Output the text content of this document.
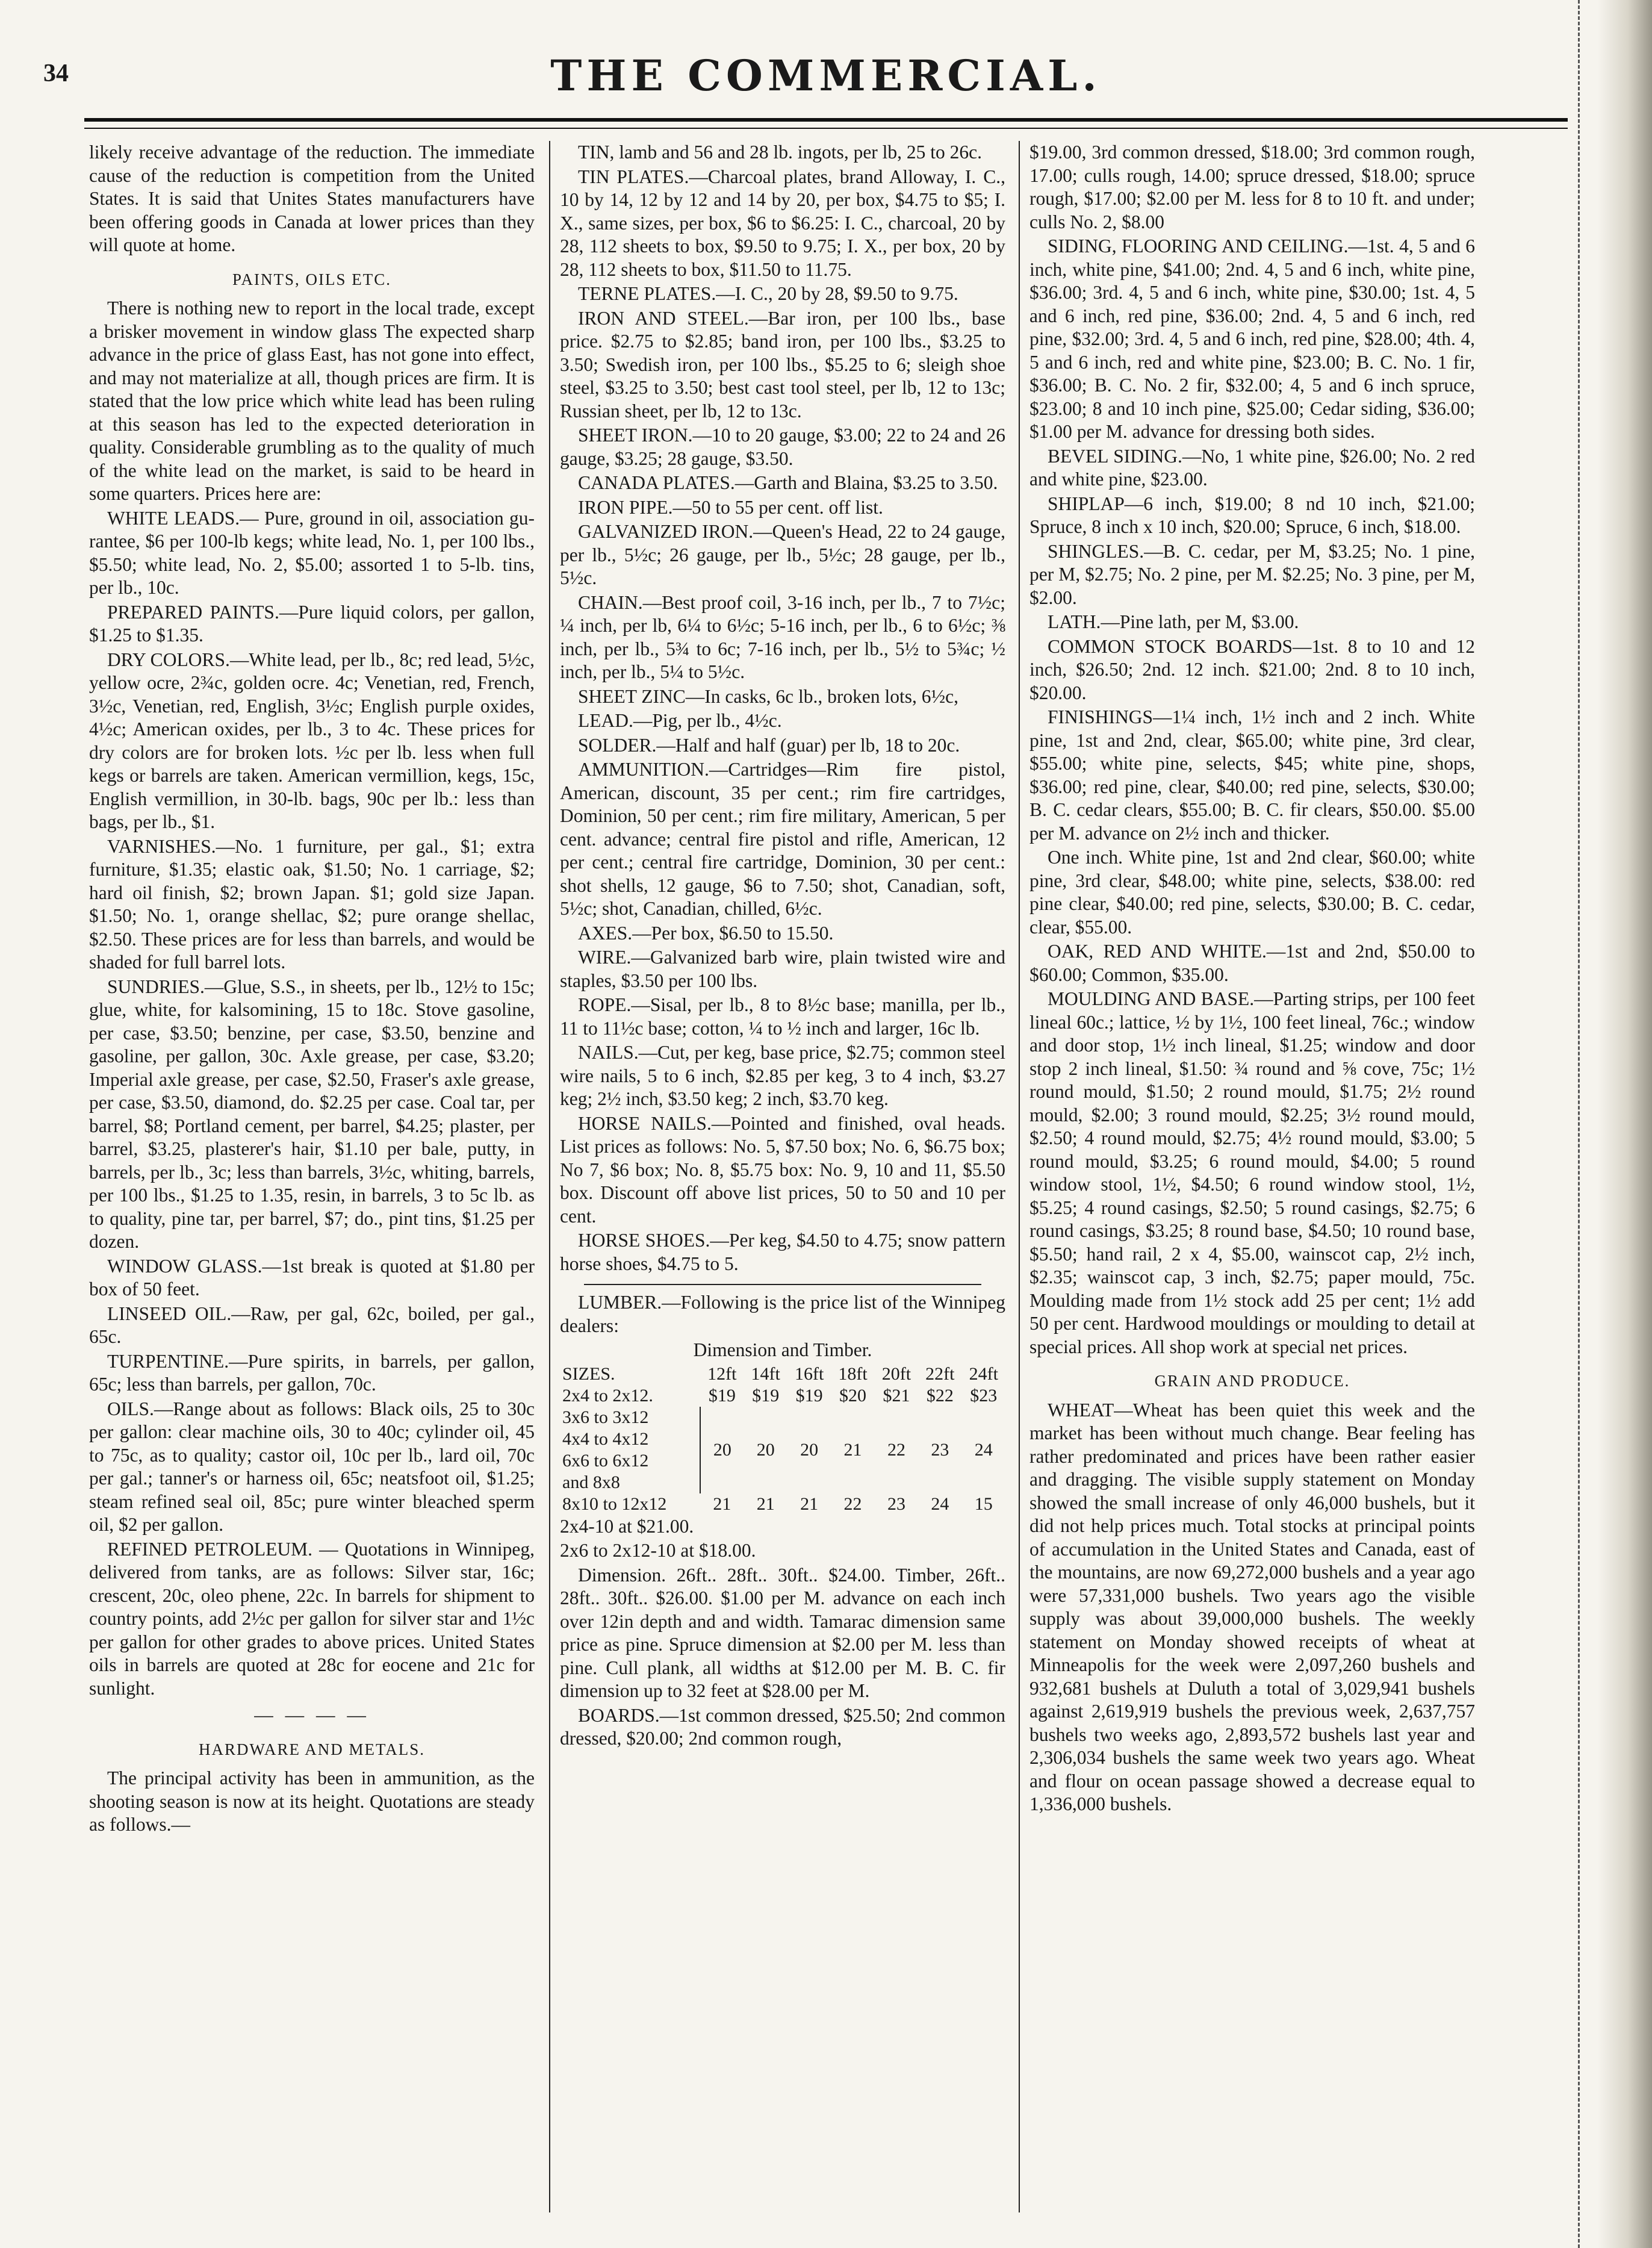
34	THE COMMERCIAL.

likely receive advantage of the reduction. The immediate cause of the reduction is competition from the United States. It is said that Unites States manufacturers have been offering goods in Canada at lower prices than they will quote at home.

PAINTS, OILS ETC.

There is nothing new to report in the local trade, except a brisker movement in window glass The expected sharp advance in the price of glass East, has not gone into effect, and may not materialize at all, though prices are firm. It is stated that the low price which white lead has been ruling at this season has led to the expected deterioration in quality. Considerable grumbling as to the quality of much of the white lead on the market, is said to be heard in some quarters. Prices here are:

WHITE LEADS.— Pure, ground in oil, association gu-rantee, $6 per 100-lb kegs; white lead, No. 1, per 100 lbs., $5.50; white lead, No. 2, $5.00; assorted 1 to 5-lb. tins, per lb., 10c.

PREPARED PAINTS.—Pure liquid colors, per gallon, $1.25 to $1.35.

DRY COLORS.—White lead, per lb., 8c; red lead, 5½c, yellow ocre, 2¾c, golden ocre. 4c; Venetian, red, French, 3½c, Venetian, red, English, 3½c; English purple oxides, 4½c; American oxides, per lb., 3 to 4c. These prices for dry colors are for broken lots. ½c per lb. less when full kegs or barrels are taken. American vermillion, kegs, 15c, English vermillion, in 30-lb. bags, 90c per lb.: less than bags, per lb., $1.

VARNISHES.—No. 1 furniture, per gal., $1; extra furniture, $1.35; elastic oak, $1.50; No. 1 carriage, $2; hard oil finish, $2; brown Japan. $1; gold size Japan. $1.50; No. 1, orange shellac, $2; pure orange shellac, $2.50. These prices are for less than barrels, and would be shaded for full barrel lots.

SUNDRIES.—Glue, S.S., in sheets, per lb., 12½ to 15c; glue, white, for kalsomining, 15 to 18c. Stove gasoline, per case, $3.50; benzine, per case, $3.50, benzine and gasoline, per gallon, 30c. Axle grease, per case, $3.20; Imperial axle grease, per case, $2.50, Fraser's axle grease, per case, $3.50, diamond, do. $2.25 per case. Coal tar, per barrel, $8; Portland cement, per barrel, $4.25; plaster, per barrel, $3.25, plasterer's hair, $1.10 per bale, putty, in barrels, per lb., 3c; less than barrels, 3½c, whiting, barrels, per 100 lbs., $1.25 to 1.35, resin, in barrels, 3 to 5c lb. as to quality, pine tar, per barrel, $7; do., pint tins, $1.25 per dozen.

WINDOW GLASS.—1st break is quoted at $1.80 per box of 50 feet.

LINSEED OIL.—Raw, per gal, 62c, boiled, per gal., 65c.

TURPENTINE.—Pure spirits, in barrels, per gallon, 65c; less than barrels, per gallon, 70c.

OILS.—Range about as follows: Black oils, 25 to 30c per gallon: clear machine oils, 30 to 40c; cylinder oil, 45 to 75c, as to quality; castor oil, 10c per lb., lard oil, 70c per gal.; tanner's or harness oil, 65c; neatsfoot oil, $1.25; steam refined seal oil, 85c; pure winter bleached sperm oil, $2 per gallon.

REFINED PETROLEUM. — Quotations in Winnipeg, delivered from tanks, are as follows: Silver star, 16c; crescent, 20c, oleo phene, 22c. In barrels for shipment to country points, add 2½c per gallon for silver star and 1½c per gallon for other grades to above prices. United States oils in barrels are quoted at 28c for eocene and 21c for sunlight.

— — — —
HARDWARE AND METALS.

The principal activity has been in ammunition, as the shooting season is now at its height. Quotations are steady as follows.—

TIN, lamb and 56 and 28 lb. ingots, per lb, 25 to 26c.

TIN PLATES.—Charcoal plates, brand Alloway, I. C., 10 by 14, 12 by 12 and 14 by 20, per box, $4.75 to $5; I. X., same sizes, per box, $6 to $6.25: I. C., charcoal, 20 by 28, 112 sheets to box, $9.50 to 9.75; I. X., per box, 20 by 28, 112 sheets to box, $11.50 to 11.75.

TERNE PLATES.—I. C., 20 by 28, $9.50 to 9.75.

IRON AND STEEL.—Bar iron, per 100 lbs., base price. $2.75 to $2.85; band iron, per 100 lbs., $3.25 to 3.50; Swedish iron, per 100 lbs., $5.25 to 6; sleigh shoe steel, $3.25 to 3.50; best cast tool steel, per lb, 12 to 13c; Russian sheet, per lb, 12 to 13c.

SHEET IRON.—10 to 20 gauge, $3.00; 22 to 24 and 26 gauge, $3.25; 28 gauge, $3.50.

CANADA PLATES.—Garth and Blaina, $3.25 to 3.50.

IRON PIPE.—50 to 55 per cent. off list.

GALVANIZED IRON.—Queen's Head, 22 to 24 gauge, per lb., 5½c; 26 gauge, per lb., 5½c; 28 gauge, per lb., 5½c.

CHAIN.—Best proof coil, 3-16 inch, per lb., 7 to 7½c; ¼ inch, per lb, 6¼ to 6½c; 5-16 inch, per lb., 6 to 6½c; ⅜ inch, per lb., 5¾ to 6c; 7-16 inch, per lb., 5½ to 5¾c; ½ inch, per lb., 5¼ to 5½c.

SHEET ZINC—In casks, 6c lb., broken lots, 6½c,

LEAD.—Pig, per lb., 4½c.

SOLDER.—Half and half (guar) per lb, 18 to 20c.

AMMUNITION.—Cartridges—Rim fire pistol, American, discount, 35 per cent.; rim fire cartridges, Dominion, 50 per cent.; rim fire military, American, 5 per cent. advance; central fire pistol and rifle, American, 12 per cent.; central fire cartridge, Dominion, 30 per cent.: shot shells, 12 gauge, $6 to 7.50; shot, Canadian, soft, 5½c; shot, Canadian, chilled, 6½c.

AXES.—Per box, $6.50 to 15.50.

WIRE.—Galvanized barb wire, plain twisted wire and staples, $3.50 per 100 lbs.

ROPE.—Sisal, per lb., 8 to 8½c base; manilla, per lb., 11 to 11½c base; cotton, ¼ to ½ inch and larger, 16c lb.

NAILS.—Cut, per keg, base price, $2.75; common steel wire nails, 5 to 6 inch, $2.85 per keg, 3 to 4 inch, $3.27 keg; 2½ inch, $3.50 keg; 2 inch, $3.70 keg.

HORSE NAILS.—Pointed and finished, oval heads. List prices as follows: No. 5, $7.50 box; No. 6, $6.75 box; No 7, $6 box; No. 8, $5.75 box: No. 9, 10 and 11, $5.50 box. Discount off above list prices, 50 to 50 and 10 per cent.

HORSE SHOES.—Per keg, $4.50 to 4.75; snow pattern horse shoes, $4.75 to 5.

LUMBER.—Following is the price list of the Winnipeg dealers:

Dimension and Timber.

SIZES.	12ft	14ft	16ft	18ft	20ft	22ft	24ft
2x4 to 2x12.	$19	$19	$19	$20	$21	$22	$23

3x6 to 3x12
4x4 to 4x12
6x6 to 6x12
and 8x8	20	20	20	21	22	23	24
8x10 to 12x12	21	21	21	22	23	24	15

2x4-10 at $21.00.

2x6 to 2x12-10 at $18.00.

Dimension. 26ft.. 28ft.. 30ft.. $24.00. Timber, 26ft.. 28ft.. 30ft.. $26.00. $1.00 per M. advance on each inch over 12in depth and and width. Tamarac dimension same price as pine. Spruce dimension at $2.00 per M. less than pine. Cull plank, all widths at $12.00 per M. B. C. fir dimension up to 32 feet at $28.00 per M.

BOARDS.—1st common dressed, $25.50; 2nd common dressed, $20.00; 2nd common rough,

$19.00, 3rd common dressed, $18.00; 3rd common rough, 17.00; culls rough, 14.00; spruce dressed, $18.00; spruce rough, $17.00; $2.00 per M. less for 8 to 10 ft. and under; culls No. 2, $8.00

SIDING, FLOORING AND CEILING.—1st. 4, 5 and 6 inch, white pine, $41.00; 2nd. 4, 5 and 6 inch, white pine, $36.00; 3rd. 4, 5 and 6 inch, white pine, $30.00; 1st. 4, 5 and 6 inch, red pine, $36.00; 2nd. 4, 5 and 6 inch, red pine, $32.00; 3rd. 4, 5 and 6 inch, red pine, $28.00; 4th. 4, 5 and 6 inch, red and white pine, $23.00; B. C. No. 1 fir, $36.00; B. C. No. 2 fir, $32.00; 4, 5 and 6 inch spruce, $23.00; 8 and 10 inch pine, $25.00; Cedar siding, $36.00; $1.00 per M. advance for dressing both sides.

BEVEL SIDING.—No, 1 white pine, $26.00; No. 2 red and white pine, $23.00.

SHIPLAP—6 inch, $19.00; 8 nd 10 inch, $21.00; Spruce, 8 inch x 10 inch, $20.00; Spruce, 6 inch, $18.00.

SHINGLES.—B. C. cedar, per M, $3.25; No. 1 pine, per M, $2.75; No. 2 pine, per M. $2.25; No. 3 pine, per M, $2.00.

LATH.—Pine lath, per M, $3.00.

COMMON STOCK BOARDS—1st. 8 to 10 and 12 inch, $26.50; 2nd. 12 inch. $21.00; 2nd. 8 to 10 inch, $20.00.

FINISHINGS—1¼ inch, 1½ inch and 2 inch. White pine, 1st and 2nd, clear, $65.00; white pine, 3rd clear, $55.00; white pine, selects, $45; white pine, shops, $36.00; red pine, clear, $40.00; red pine, selects, $30.00; B. C. cedar clears, $55.00; B. C. fir clears, $50.00. $5.00 per M. advance on 2½ inch and thicker.

One inch. White pine, 1st and 2nd clear, $60.00; white pine, 3rd clear, $48.00; white pine, selects, $38.00: red pine clear, $40.00; red pine, selects, $30.00; B. C. cedar, clear, $55.00.

OAK, RED AND WHITE.—1st and 2nd, $50.00 to $60.00; Common, $35.00.

MOULDING AND BASE.—Parting strips, per 100 feet lineal 60c.; lattice, ½ by 1½, 100 feet lineal, 76c.; window and door stop, 1½ inch lineal, $1.25; window and door stop 2 inch lineal, $1.50: ¾ round and ⅝ cove, 75c; 1½ round mould, $1.50; 2 round mould, $1.75; 2½ round mould, $2.00; 3 round mould, $2.25; 3½ round mould, $2.50; 4 round mould, $2.75; 4½ round mould, $3.00; 5 round mould, $3.25; 6 round mould, $4.00; 5 round window stool, 1½, $4.50; 6 round window stool, 1½, $5.25; 4 round casings, $2.50; 5 round casings, $2.75; 6 round casings, $3.25; 8 round base, $4.50; 10 round base, $5.50; hand rail, 2 x 4, $5.00, wainscot cap, 2½ inch, $2.35; wainscot cap, 3 inch, $2.75; paper mould, 75c. Moulding made from 1½ stock add 25 per cent; 1½ add 50 per cent. Hardwood mouldings or moulding to detail at special prices. All shop work at special net prices.

GRAIN AND PRODUCE.

WHEAT—Wheat has been quiet this week and the market has been without much change. Bear feeling has rather predominated and prices have been rather easier and dragging. The visible supply statement on Monday showed the small increase of only 46,000 bushels, but it did not help prices much. Total stocks at principal points of accumulation in the United States and Canada, east of the mountains, are now 69,272,000 bushels and a year ago were 57,331,000 bushels. Two years ago the visible supply was about 39,000,000 bushels. The weekly statement on Monday showed receipts of wheat at Minneapolis for the week were 2,097,260 bushels and 932,681 bushels at Duluth a total of 3,029,941 bushels against 2,619,919 bushels the previous week, 2,637,757 bushels two weeks ago, 2,893,572 bushels last year and 2,306,034 bushels the same week two years ago. Wheat and flour on ocean passage showed a decrease equal to 1,336,000 bushels.
